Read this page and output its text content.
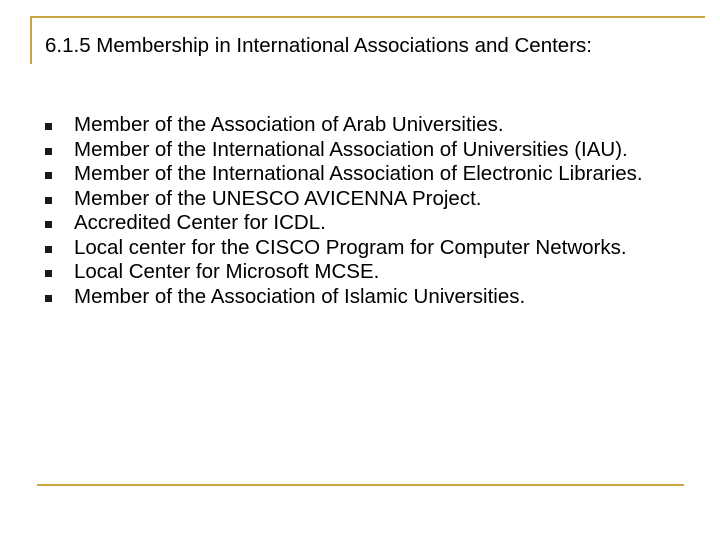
6.1.5 Membership in International Associations and Centers:
Member of the Association of Arab Universities.
Member of the International Association of Universities (IAU).
Member of the International Association of Electronic Libraries.
Member of the UNESCO AVICENNA Project.
Accredited Center for ICDL.
Local center for the CISCO Program for Computer Networks.
Local Center for Microsoft MCSE.
Member of the Association of Islamic Universities.
